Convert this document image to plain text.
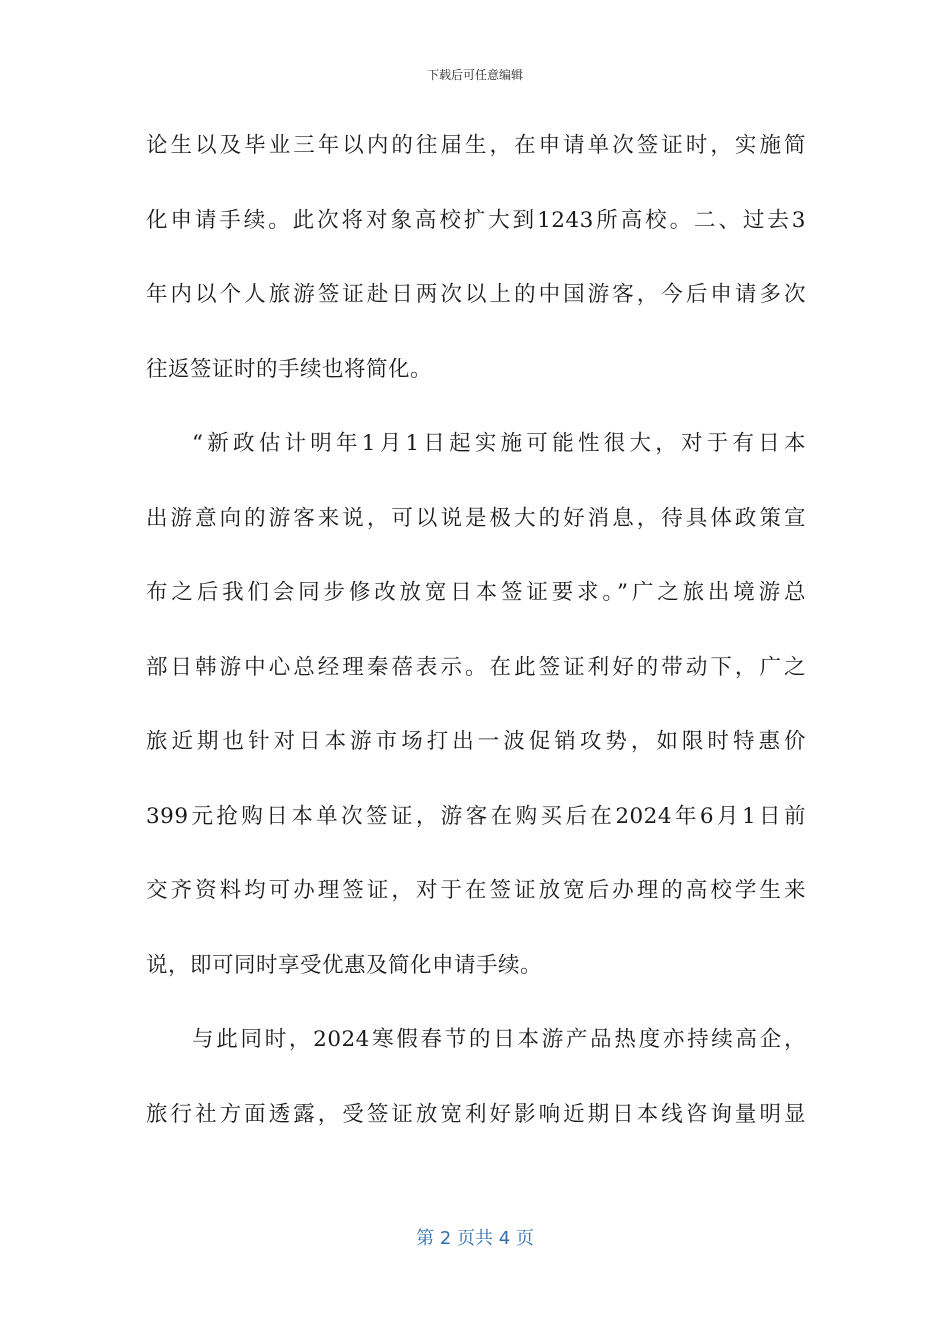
下载后可任意编辑
论生以及毕业三年以内的往届生，在申请单次签证时，实施简
化申请手续。此次将对象高校扩大到1243所高校。二、过去3
年内以个人旅游签证赴日两次以上的中国游客，今后申请多次
往返签证时的手续也将简化。
“新政估计明年1月1日起实施可能性很大，对于有日本
出游意向的游客来说，可以说是极大的好消息，待具体政策宣
布之后我们会同步修改放宽日本签证要求。”广之旅出境游总
部日韩游中心总经理秦蓓表示。在此签证利好的带动下，广之
旅近期也针对日本游市场打出一波促销攻势，如限时特惠价
399元抢购日本单次签证，游客在购买后在2024年6月1日前
交齐资料均可办理签证，对于在签证放宽后办理的高校学生来
说，即可同时享受优惠及简化申请手续。
与此同时，2024寒假春节的日本游产品热度亦持续高企，
旅行社方面透露，受签证放宽利好影响近期日本线咨询量明显
第 2 页共 4 页
